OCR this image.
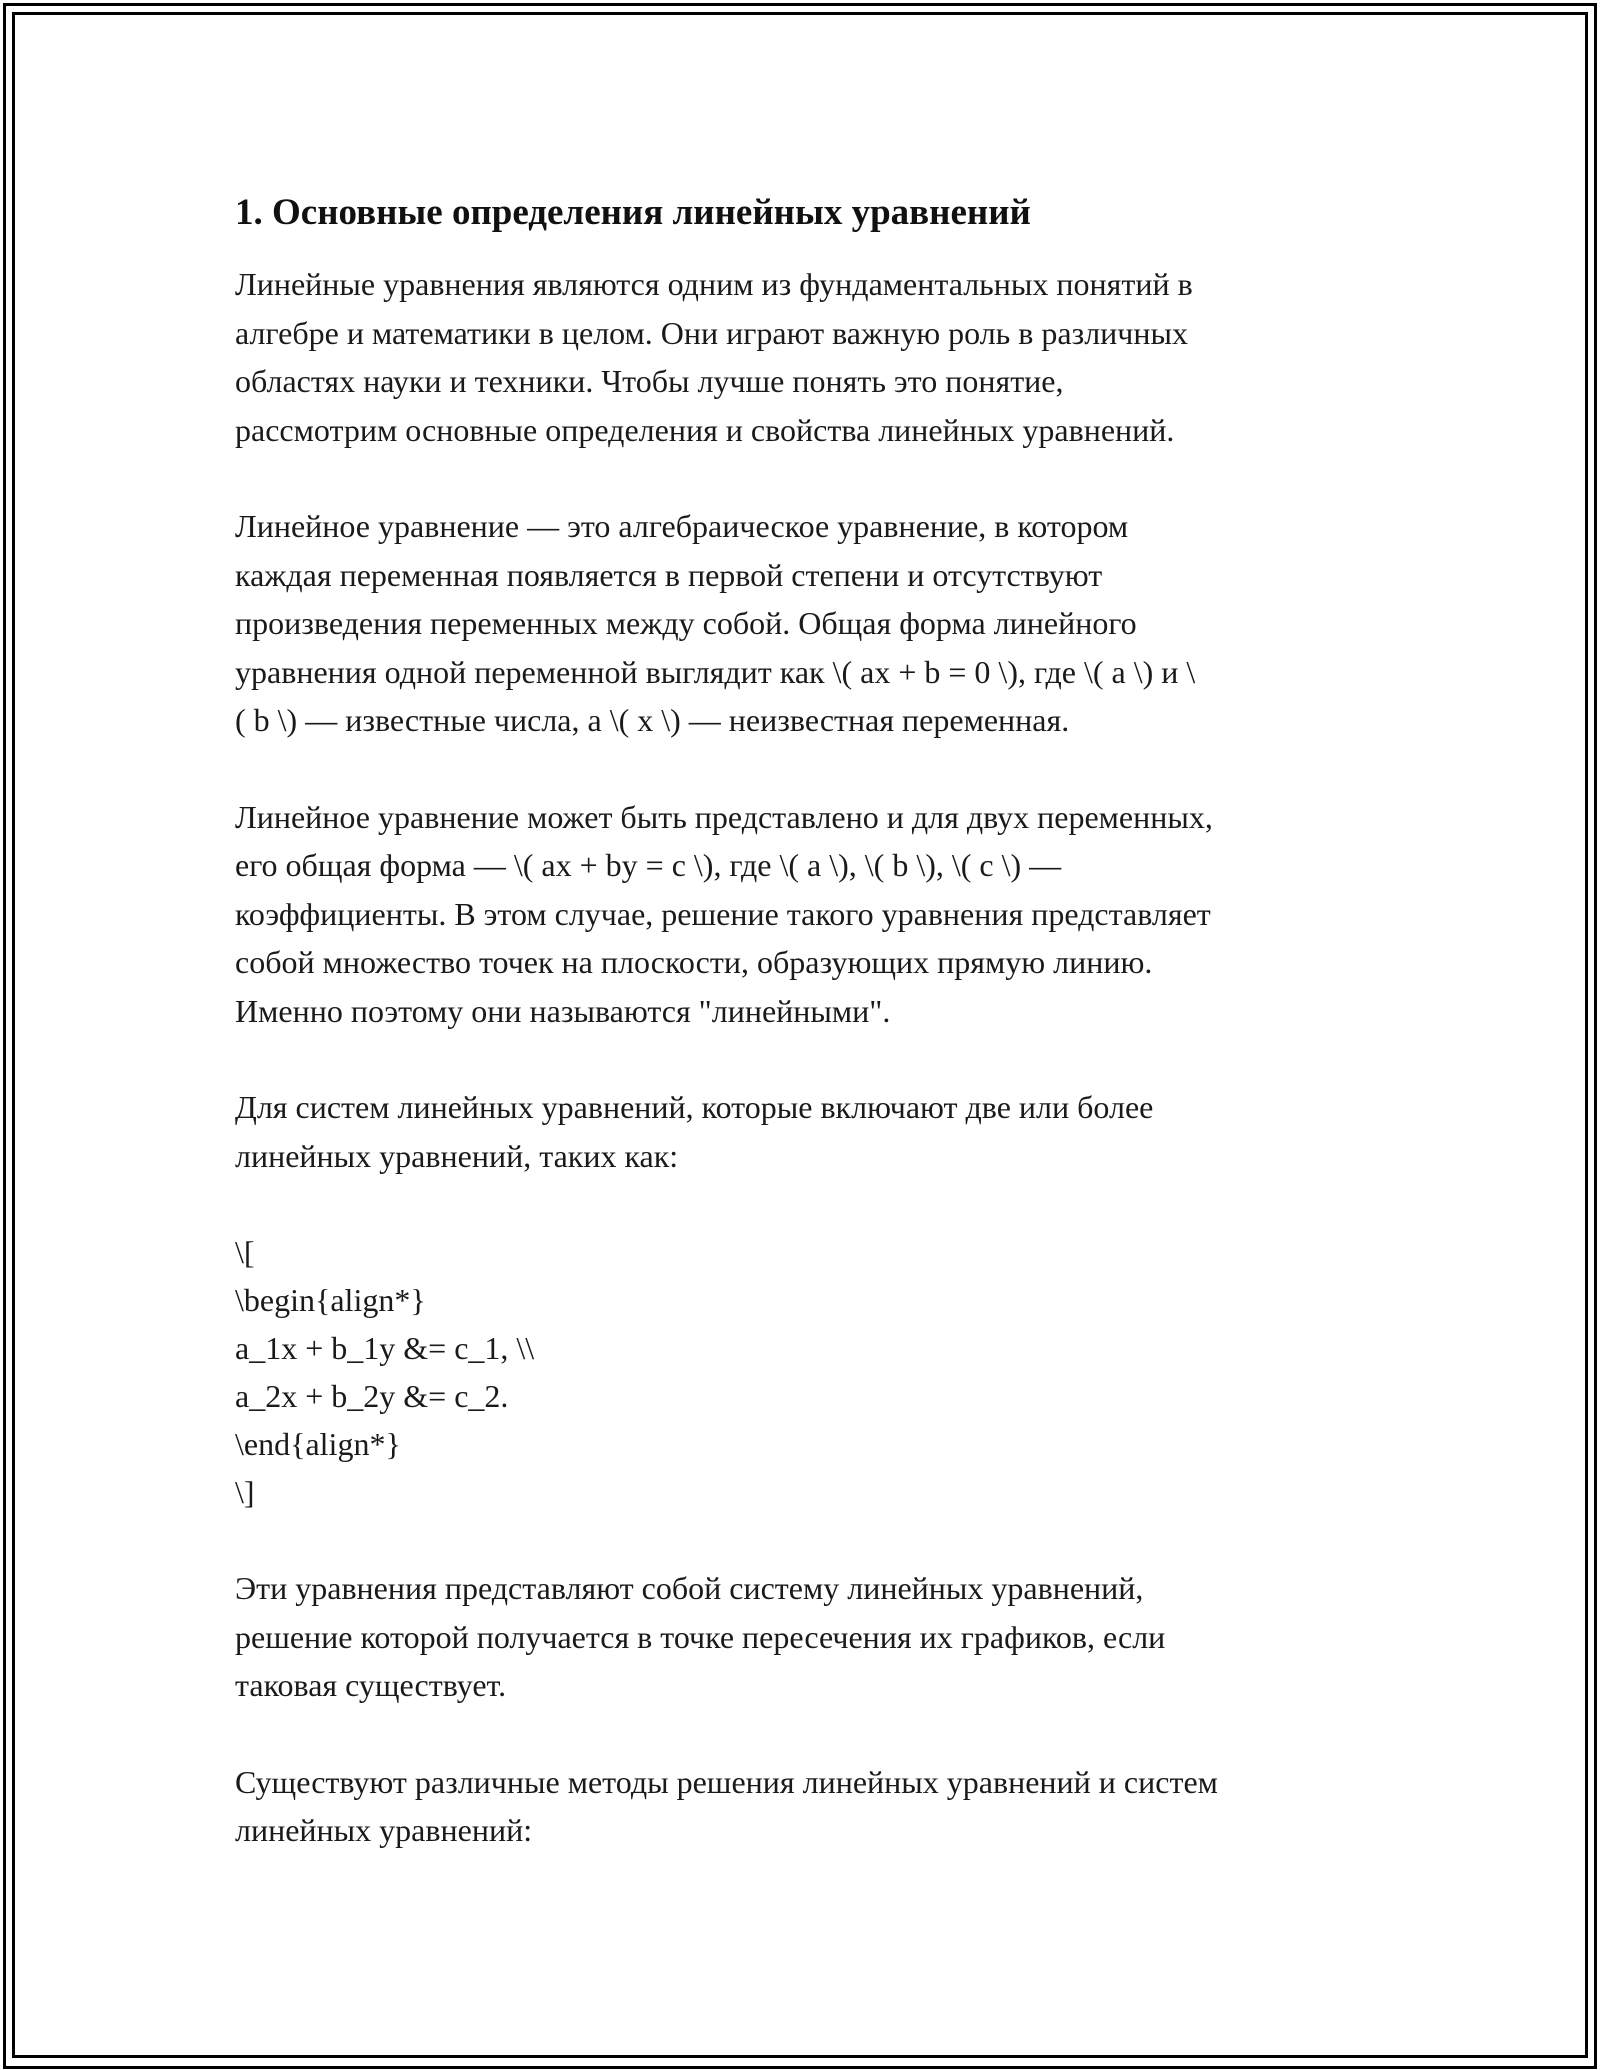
1. Основные определения линейных уравнений

Линейные уравнения являются одним из фундаментальных понятий в
алгебре и математики в целом. Они играют важную роль в различных
областях науки и техники. Чтобы лучше понять это понятие,
рассмотрим основные определения и свойства линейных уравнений.

Линейное уравнение — это алгебраическое уравнение, в котором
каждая переменная появляется в первой степени и отсутствуют
произведения переменных между собой. Общая форма линейного
уравнения одной переменной выглядит как \( ax + b = 0 \), где \( a \) и \
( b \) — известные числа, а \( x \) — неизвестная переменная.

Линейное уравнение может быть представлено и для двух переменных,
его общая форма — \( ax + by = c \), где \( a \), \( b \), \( c \) —
коэффициенты. В этом случае, решение такого уравнения представляет
собой множество точек на плоскости, образующих прямую линию.
Именно поэтому они называются "линейными".

Для систем линейных уравнений, которые включают две или более
линейных уравнений, таких как:

\[
\begin{align*}
a_1x + b_1y &= c_1, \\
a_2x + b_2y &= c_2.
\end{align*}
\]

Эти уравнения представляют собой систему линейных уравнений,
решение которой получается в точке пересечения их графиков, если
таковая существует.

Существуют различные методы решения линейных уравнений и систем
линейных уравнений:
